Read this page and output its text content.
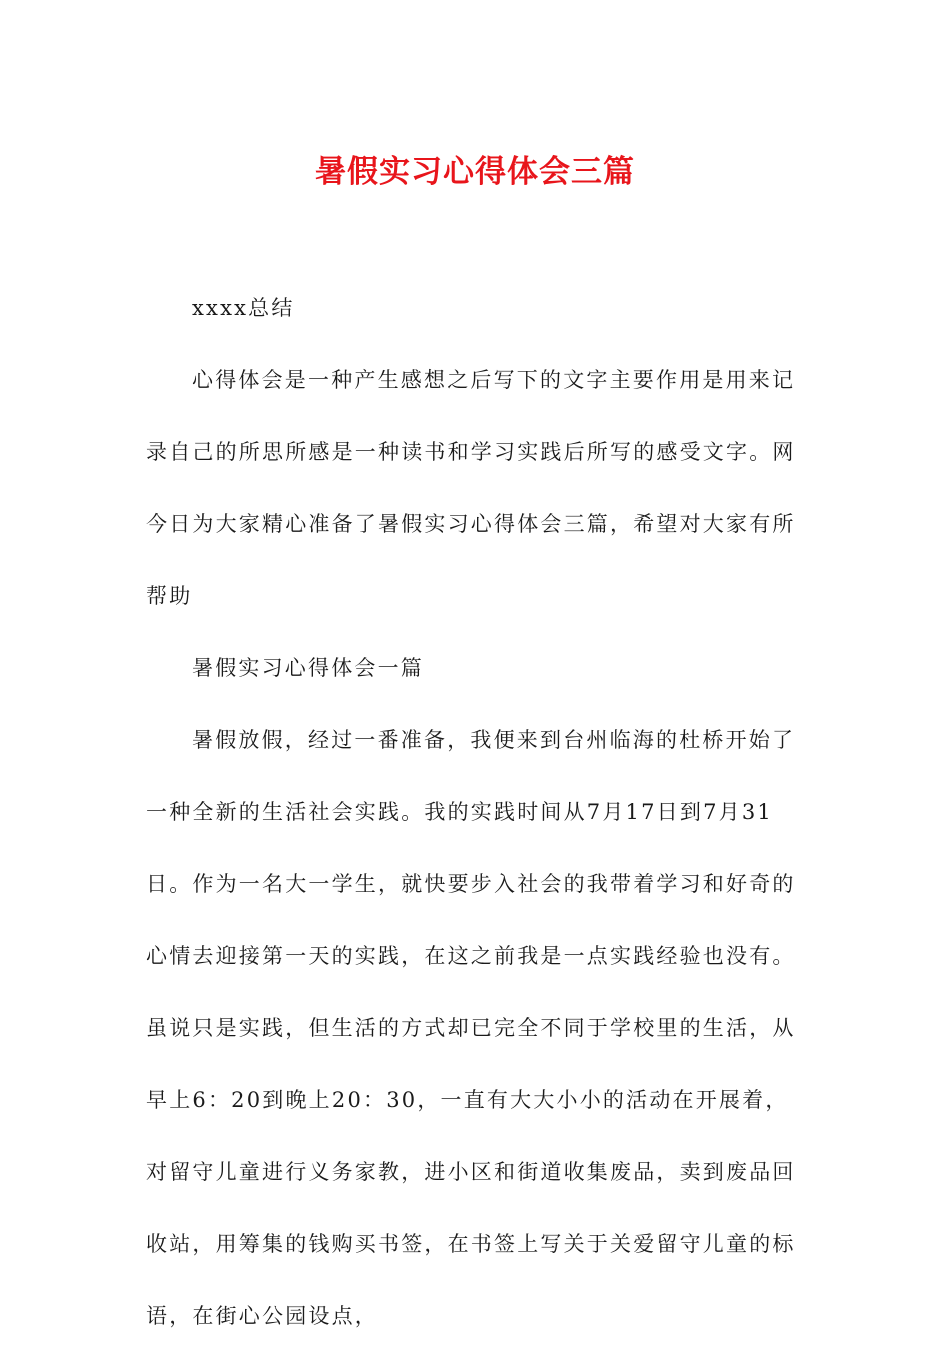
暑假实习心得体会三篇

xxxx总结

心得体会是一种产生感想之后写下的文字主要作用是用来记录自己的所思所感是一种读书和学习实践后所写的感受文字。网今日为大家精心准备了暑假实习心得体会三篇，希望对大家有所帮助

暑假实习心得体会一篇

暑假放假，经过一番准备，我便来到台州临海的杜桥开始了一种全新的生活社会实践。我的实践时间从7月17日到7月31日。作为一名大一学生，就快要步入社会的我带着学习和好奇的心情去迎接第一天的实践，在这之前我是一点实践经验也没有。虽说只是实践，但生活的方式却已完全不同于学校里的生活，从早上6：20到晚上20：30，一直有大大小小的活动在开展着，对留守儿童进行义务家教，进小区和街道收集废品，卖到废品回收站，用筹集的钱购买书签，在书签上写关于关爱留守儿童的标语，在街心公园设点，
